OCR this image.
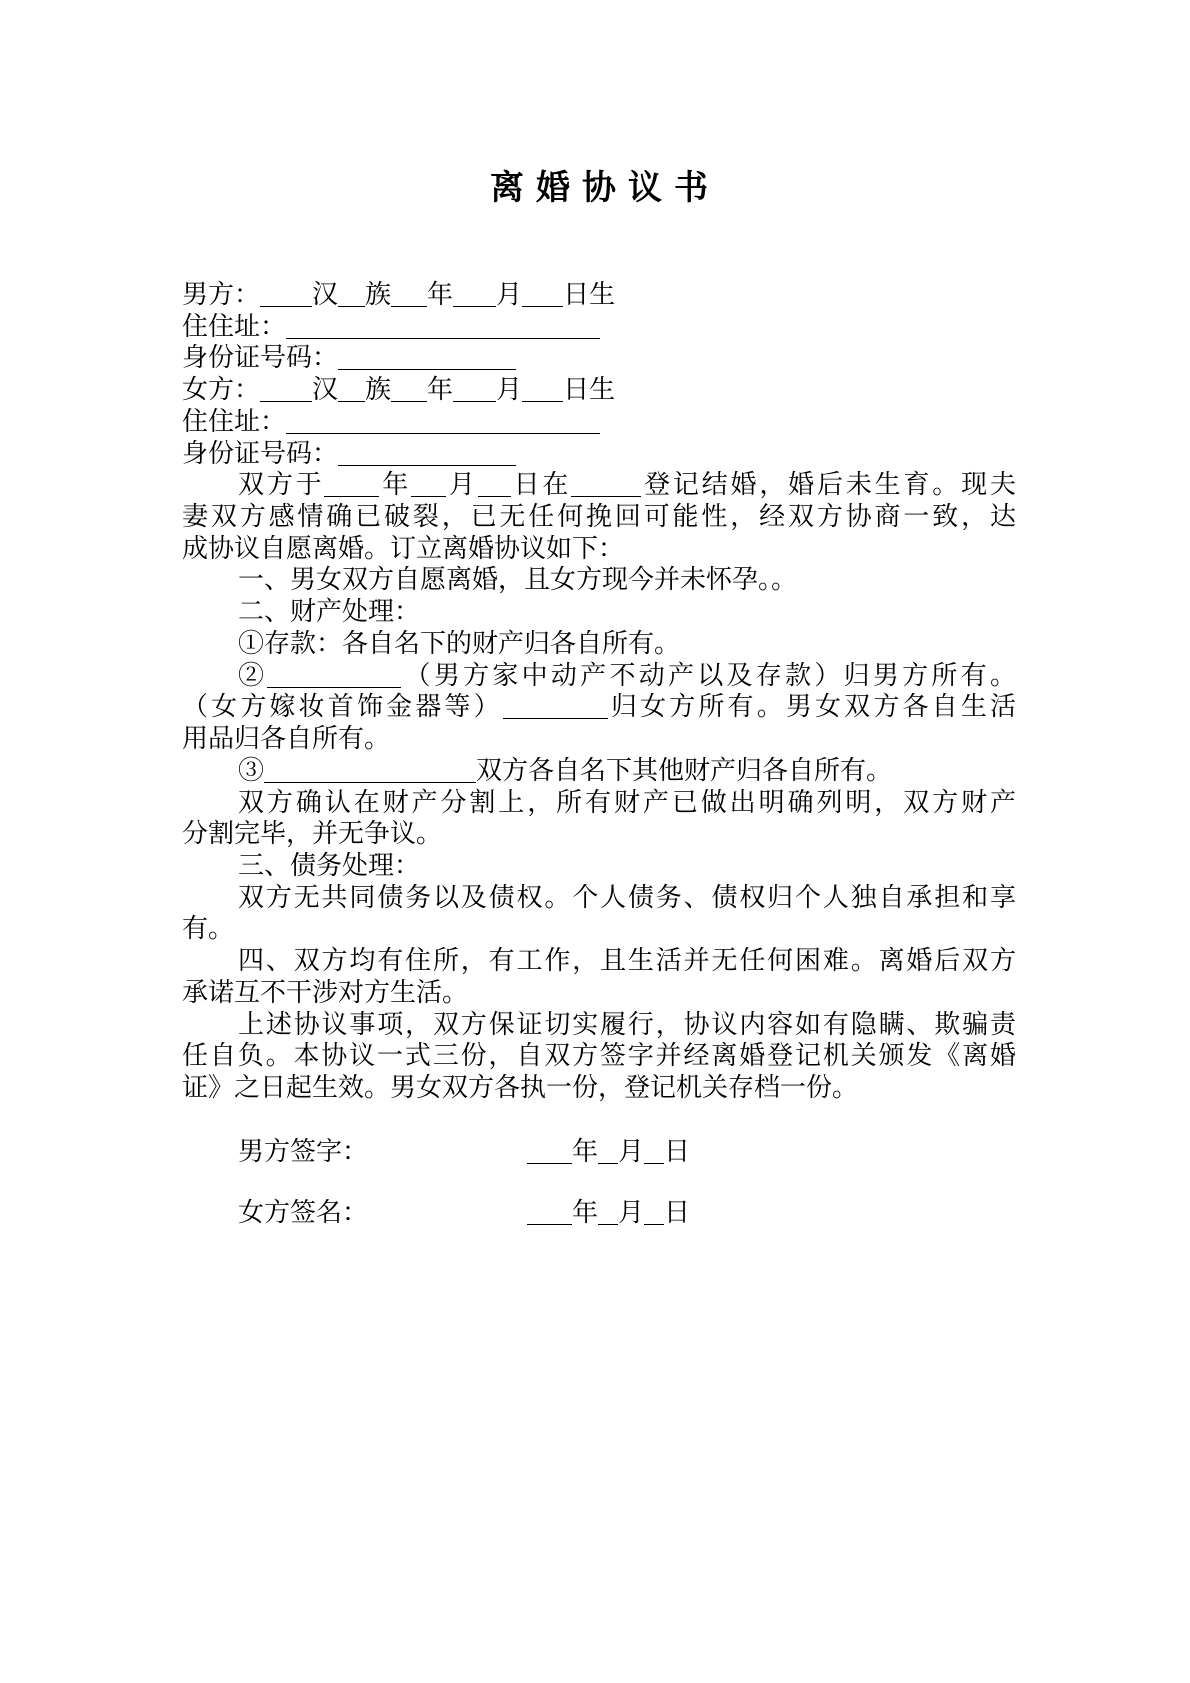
离婚协议书
男方： 汉 族 年 月 日生
住住址：
身份证号码：
女方： 汉 族 年 月 日生
住住址：
身份证号码：
双方于 年 月 日在	登记结婚，婚后未生育。现夫
妻双方感情确已破裂，已无任何挽回可能性，经双方协商一致，达
成协议自愿离婚。订立离婚协议如下：
一、男女双方自愿离婚，且女方现今并未怀孕。。
二、财产处理：
①存款：各自名下的财产归各自所有。
②	（男方家中动产不动产以及存款）归男方所有。
（女方嫁妆首饰金器等）	归女方所有。男女双方各自生活
用品归各自所有。
③	双方各自名下其他财产归各自所有。
双方确认在财产分割上，所有财产已做出明确列明，双方财产
分割完毕，并无争议。
三、债务处理：
双方无共同债务以及债权。个人债务、债权归个人独自承担和享
有。
四、双方均有住所，有工作，且生活并无任何困难。离婚后双方
承诺互不干涉对方生活。
上述协议事项，双方保证切实履行，协议内容如有隐瞒、欺骗责
任自负。本协议一式三份，自双方签字并经离婚登记机关颁发《离婚
证》之日起生效。男女双方各执一份，登记机关存档一份。
男方签字：	年 月 日
女方签名：	年 月 日
